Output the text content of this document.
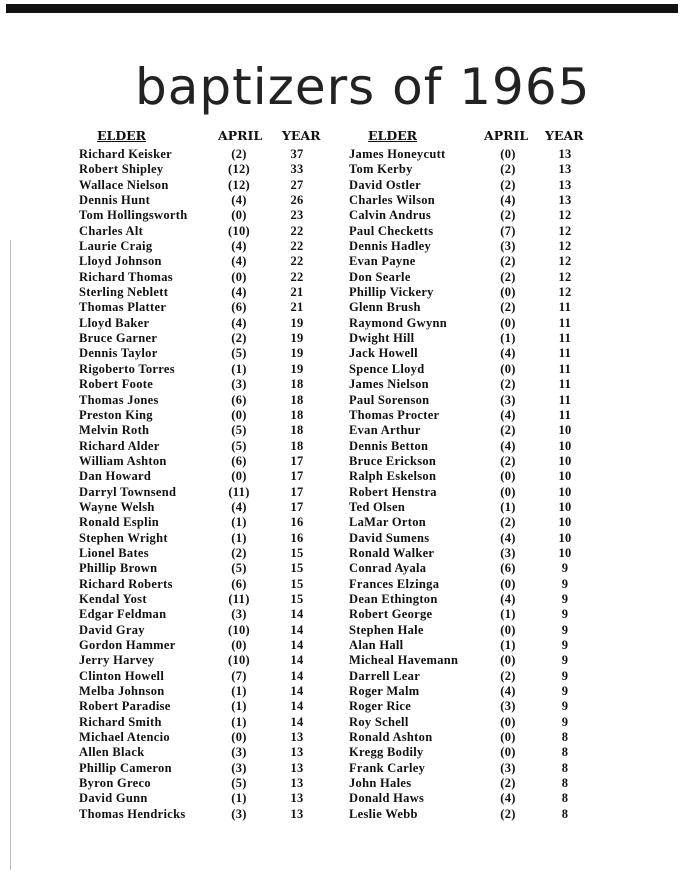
baptizers of 1965
ELDER	APRIL YEAR	ELDER	APRIL YEAR
Richard Keisker	(2)	37
Robert Shipley	(12)	33
Wallace Nielson	(12)	27
Dennis Hunt	(4)	26
Tom Hollingsworth	(0)	23
Charles Alt	(10)	22
Laurie Craig	(4)	22
Lloyd Johnson	(4)	22
Richard Thomas	(0)	22
Sterling Neblett	(4)	21
Thomas Platter	(6)	21
Lloyd Baker	(4)	19
Bruce Garner	(2)	19
Dennis Taylor	(5)	19
Rigoberto Torres	(1)	19
Robert Foote	(3)	18
Thomas Jones	(6)	18
Preston King	(0)	18
Melvin Roth	(5)	18
Richard Alder	(5)	18
William Ashton	(6)	17
Dan Howard	(0)	17
Darryl Townsend	(11)	17
Wayne Welsh	(4)	17
Ronald Esplin	(1)	16
Stephen Wright	(1)	16
Lionel Bates	(2)	15
Phillip Brown	(5)	15
Richard Roberts	(6)	15
Kendal Yost	(11)	15
Edgar Feldman	(3)	14
David Gray	(10)	14
Gordon Hammer	(0)	14
Jerry Harvey	(10)	14
Clinton Howell	(7)	14
Melba Johnson	(1)	14
Robert Paradise	(1)	14
Richard Smith	(1)	14
Michael Atencio	(0)	13
Allen Black	(3)	13
Phillip Cameron	(3)	13
Byron Greco	(5)	13
David Gunn	(1)	13
Thomas Hendricks	(3)	13
James Honeycutt	(0)	13
Tom Kerby	(2)	13
David Ostler	(2)	13
Charles Wilson	(4)	13
Calvin Andrus	(2)	12
Paul Checketts	(7)	12
Dennis Hadley	(3)	12
Evan Payne	(2)	12
Don Searle	(2)	12
Phillip Vickery	(0)	12
Glenn Brush	(2)	11
Raymond Gwynn	(0)	11
Dwight Hill	(1)	11
Jack Howell	(4)	11
Spence Lloyd	(0)	11
James Nielson	(2)	11
Paul Sorenson	(3)	11
Thomas Procter	(4)	11
Evan Arthur	(2)	10
Dennis Betton	(4)	10
Bruce Erickson	(2)	10
Ralph Eskelson	(0)	10
Robert Henstra	(0)	10
Ted Olsen	(1)	10
LaMar Orton	(2)	10
David Sumens	(4)	10
Ronald Walker	(3)	10
Conrad Ayala	(6)	9
Frances Elzinga	(0)	9
Dean Ethington	(4)	9
Robert George	(1)	9
Stephen Hale	(0)	9
Alan Hall	(1)	9
Micheal Havemann	(0)	9
Darrell Lear	(2)	9
Roger Malm	(4)	9
Roger Rice	(3)	9
Roy Schell	(0)	9
Ronald Ashton	(0)	8
Kregg Bodily	(0)	8
Frank Carley	(3)	8
John Hales	(2)	8
Donald Haws	(4)	8
Leslie Webb	(2)	8
